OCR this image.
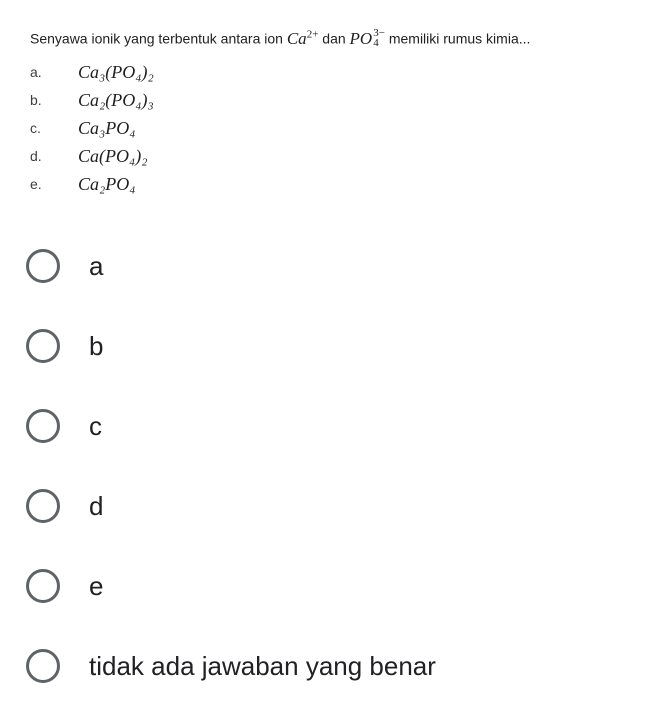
Senyawa ionik yang terbentuk antara ion $Ca^{2+}$ dan PO 3−
4 memiliki rumus kimia...
a.	Ca₃(PO₄)₂
b.	Ca₂(PO₄)₃
c.	Ca₃PO₄
d.	Ca(PO₄)₂
e.	Ca₂PO₄
a
b
c
d
e
tidak ada jawaban yang benar
